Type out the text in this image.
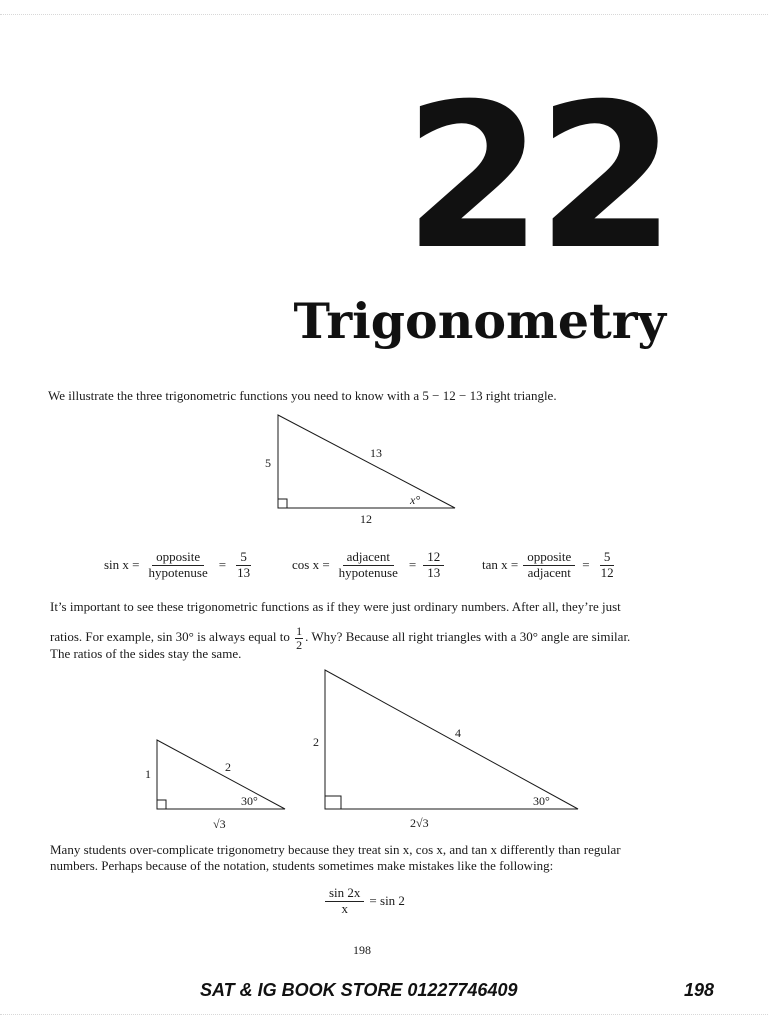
22
Trigonometry
We illustrate the three trigonometric functions you need to know with a 5 − 12 − 13 right triangle.
5
13
12
x°
$\sin x = \frac{\text{opposite}}{\text{hypotenuse}} = \frac{5}{13}$	$\cos x = \frac{\text{adjacent}}{\text{hypotenuse}} = \frac{12}{13}$	$\tan x = \frac{\text{opposite}}{\text{adjacent}} = \frac{5}{12}$
It’s important to see these trigonometric functions as if they were just ordinary numbers. After all, they’re just
ratios. For example, sin 30° is always equal to $\frac{1}{2}$ . Why? Because all right triangles with a 30° angle are similar.
The ratios of the sides stay the same.
1	2
30°
√3
2
4
30°
2√3
Many students over-complicate trigonometry because they treat sin x, cos x, and tan x differently than regular
numbers. Perhaps because of the notation, students sometimes make mistakes like the following:
$\frac{\sin 2x}{x} = \sin 2$
198
SAT & IG BOOK STORE 01227746409	198
